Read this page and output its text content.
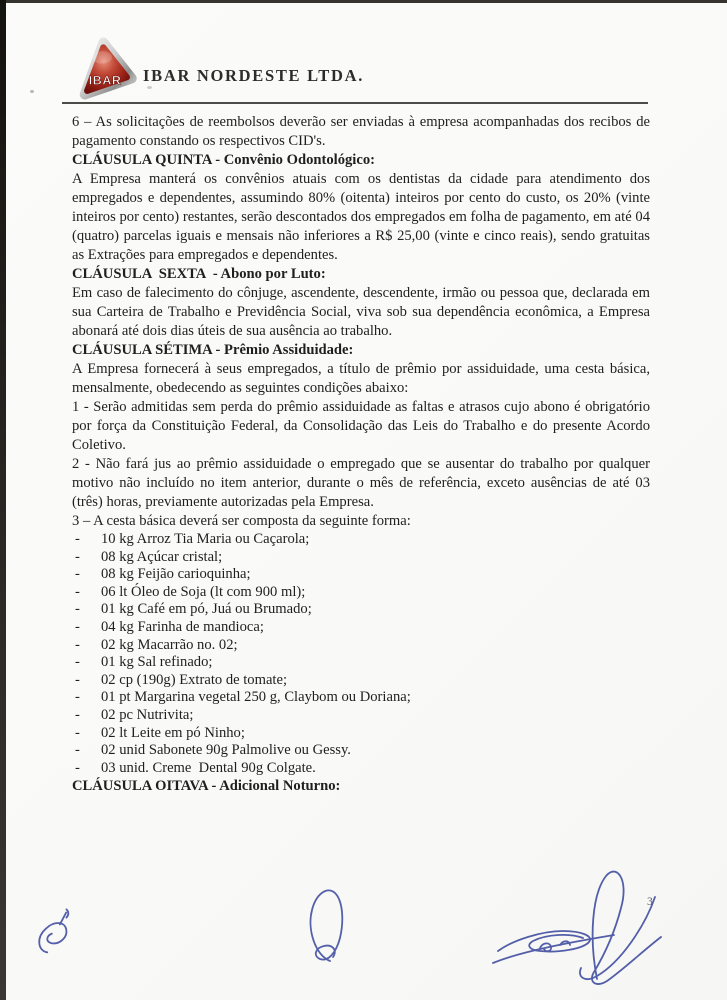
IBAR IBAR NORDESTE LTDA.

6 – As solicitações de reembolsos deverão ser enviadas à empresa acompanhadas dos recibos de pagamento constando os respectivos CID's.

CLÁUSULA QUINTA - Convênio Odontológico:

A Empresa manterá os convênios atuais com os dentistas da cidade para atendimento dos empregados e dependentes, assumindo 80% (oitenta) inteiros por cento do custo, os 20% (vinte inteiros por cento) restantes, serão descontados dos empregados em folha de pagamento, em até 04 (quatro) parcelas iguais e mensais não inferiores a R$ 25,00 (vinte e cinco reais), sendo gratuitas as Extrações para empregados e dependentes.

CLÁUSULA  SEXTA  - Abono por Luto:

Em caso de falecimento do cônjuge, ascendente, descendente, irmão ou pessoa que, declarada em sua Carteira de Trabalho e Previdência Social, viva sob sua dependência econômica, a Empresa abonará até dois dias úteis de sua ausência ao trabalho.

CLÁUSULA SÉTIMA - Prêmio Assiduidade:

A Empresa fornecerá à seus empregados, a título de prêmio por assiduidade, uma cesta básica, mensalmente, obedecendo as seguintes condições abaixo:

1 - Serão admitidas sem perda do prêmio assiduidade as faltas e atrasos cujo abono é obrigatório por força da Constituição Federal, da Consolidação das Leis do Trabalho e do presente Acordo Coletivo.

2 - Não fará jus ao prêmio assiduidade o empregado que se ausentar do trabalho por qualquer motivo não incluído no item anterior, durante o mês de referência, exceto ausências de até 03 (três) horas, previamente autorizadas pela Empresa.

3 – A cesta básica deverá ser composta da seguinte forma:

-	10 kg Arroz Tia Maria ou Caçarola;
-	08 kg Açúcar cristal;
-	08 kg Feijão carioquinha;
-	06 lt Óleo de Soja (lt com 900 ml);
-	01 kg Café em pó, Juá ou Brumado;
-	04 kg Farinha de mandioca;
-	02 kg Macarrão no. 02;
-	01 kg Sal refinado;
-	02 cp (190g) Extrato de tomate;
-	01 pt Margarina vegetal 250 g, Claybom ou Doriana;
-	02 pc Nutrivita;
-	02 lt Leite em pó Ninho;
-	02 unid Sabonete 90g Palmolive ou Gessy.
-	03 unid. Creme  Dental 90g Colgate.

CLÁUSULA OITAVA - Adicional Noturno:

3
